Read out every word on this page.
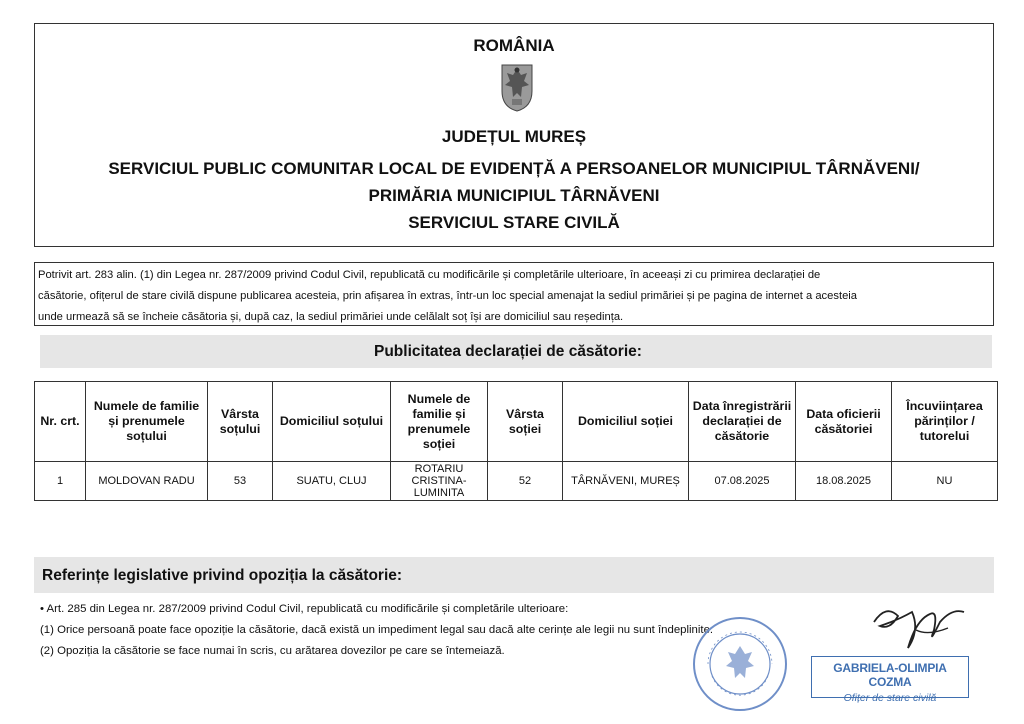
ROMÂNIA
JUDEȚUL MUREȘ
SERVICIUL PUBLIC COMUNITAR LOCAL DE EVIDENȚĂ A PERSOANELOR MUNICIPIUL TÂRNĂVENI/
PRIMĂRIA MUNICIPIUL TÂRNĂVENI
SERVICIUL STARE CIVILĂ
Potrivit art. 283 alin. (1) din Legea nr. 287/2009 privind Codul Civil, republicată cu modificările și completările ulterioare, în aceeași zi cu primirea declarației de
căsătorie, ofițerul de stare civilă dispune publicarea acesteia, prin afișarea în extras, într-un loc special amenajat la sediul primăriei și pe pagina de internet a acesteia
unde urmează să se încheie căsătoria și, după caz, la sediul primăriei unde celălalt soț își are domiciliul sau reședința.
Publicitatea declarației de căsătorie:
Nr. crt.	Numele de familie și prenumele soțului	Vârsta soțului	Domiciliul soțului	Numele de familie și prenumele soției	Vârsta soției	Domiciliul soției	Data înregistrării declarației de căsătorie	Data oficierii căsătoriei	Încuviințarea părinților / tutorelui
1	MOLDOVAN RADU	53	SUATU, CLUJ	ROTARIU CRISTINA-LUMINITA	52	TÂRNĂVENI, MUREȘ	07.08.2025	18.08.2025	NU
Referințe legislative privind opoziția la căsătorie:
• Art. 285 din Legea nr. 287/2009 privind Codul Civil, republicată cu modificările și completările ulterioare:
(1) Orice persoană poate face opoziție la căsătorie, dacă există un impediment legal sau dacă alte cerințe ale legii nu sunt îndeplinite.
(2) Opoziția la căsătorie se face numai în scris, cu arătarea dovezilor pe care se întemeiază.
GABRIELA-OLIMPIA COZMA
Ofițer de stare civilă
